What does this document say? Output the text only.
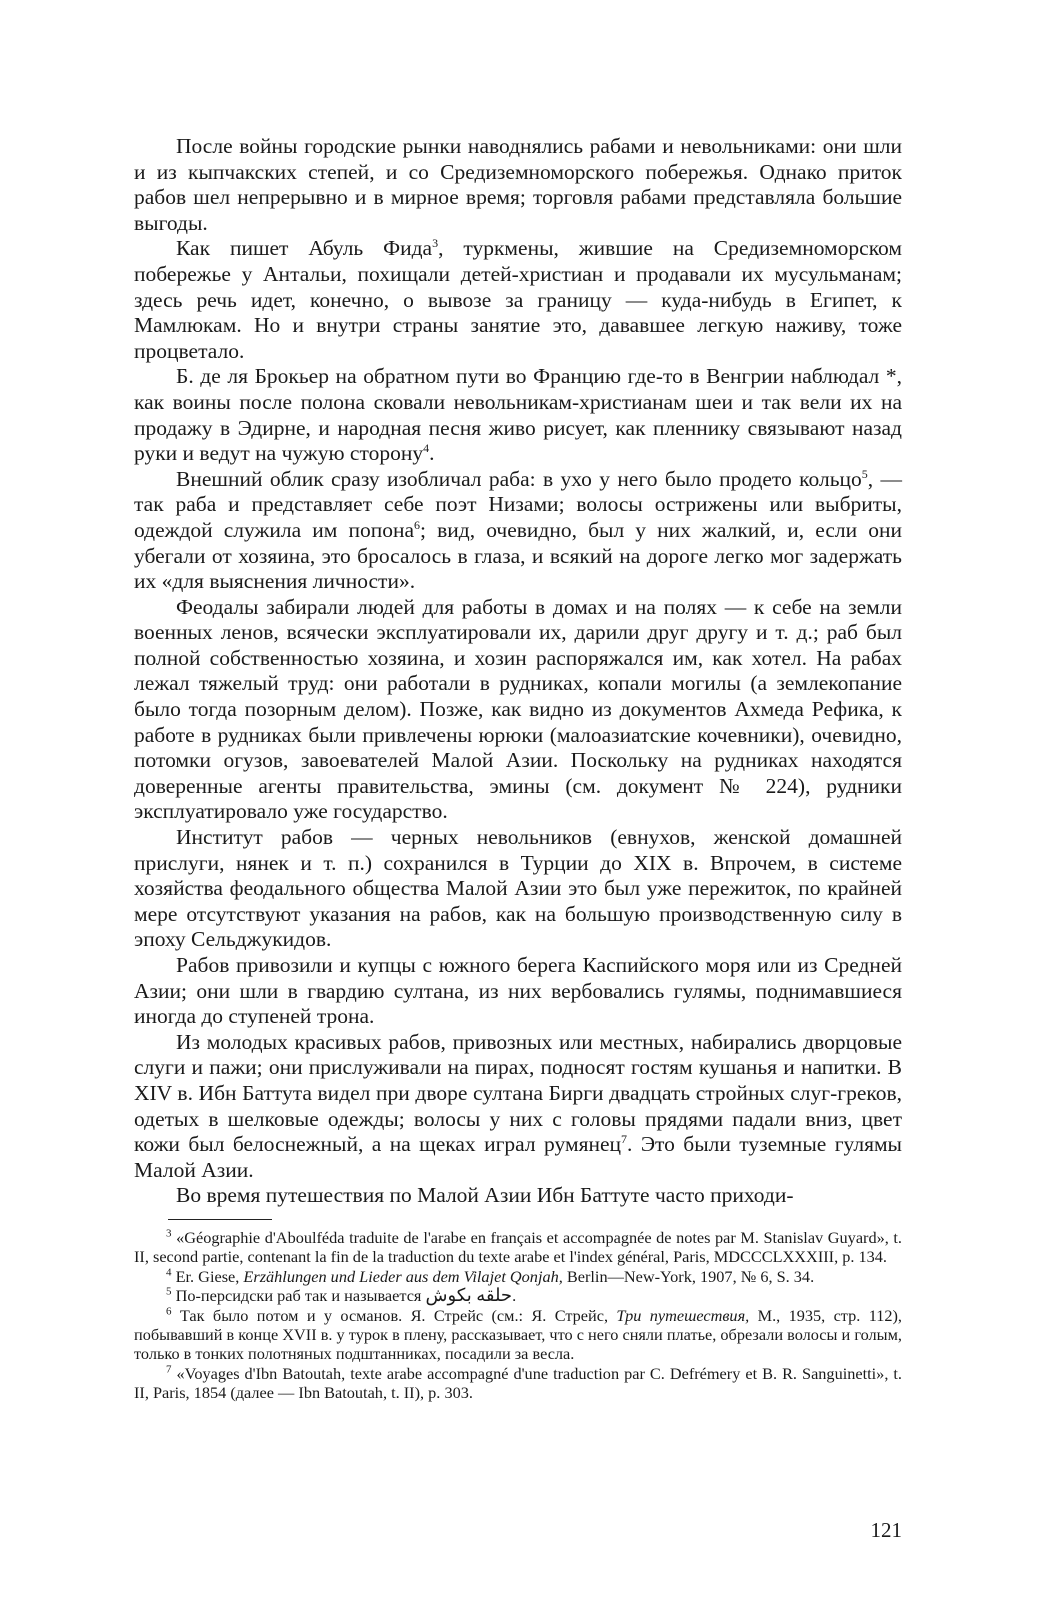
После войны городские рынки наводнялись рабами и невольниками: они шли и из кыпчакских степей, и со Средиземноморского побережья. Однако приток рабов шел непрерывно и в мирное время; торговля рабами представляла большие выгоды.

Как пишет Абуль Фида$^3$, туркмены, жившие на Средиземноморском побережье у Антальи, похищали детей-христиан и продавали их мусульманам; здесь речь идет, конечно, о вывозе за границу — куда-нибудь в Египет, к Мамлюкам. Но и внутри страны занятие это, дававшее легкую наживу, тоже процветало.

Б. де ля Брокьер на обратном пути во Францию где-то в Венгрии наблюдал *, как воины после полона сковали невольникам-христианам шеи и так вели их на продажу в Эдирне, и народная песня живо рисует, как пленнику связывают назад руки и ведут на чужую сторону$^4$.

Внешний облик сразу изобличал раба: в ухо у него было продето кольцо$^5$, — так раба и представляет себе поэт Низами; волосы острижены или выбриты, одеждой служила им попона$^6$; вид, очевидно, был у них жалкий, и, если они убегали от хозяина, это бросалось в глаза, и всякий на дороге легко мог задержать их «для выяснения личности».

Феодалы забирали людей для работы в домах и на полях — к себе на земли военных ленов, всячески эксплуатировали их, дарили друг другу и т. д.; раб был полной собственностью хозяина, и хозин распоряжался им, как хотел. На рабах лежал тяжелый труд: они работали в рудниках, копали могилы (а землекопание было тогда позорным делом). Позже, как видно из документов Ахмеда Рефика, к работе в рудниках были привлечены юрюки (малоазиатские кочевники), очевидно, потомки огузов, завоевателей Малой Азии. Поскольку на рудниках находятся доверенные агенты правительства, эмины (см. документ № 224), рудники эксплуатировало уже государство.

Институт рабов — черных невольников (евнухов, женской домашней прислуги, нянек и т. п.) сохранился в Турции до XIX в. Впрочем, в системе хозяйства феодального общества Малой Азии это был уже пережиток, по крайней мере отсутствуют указания на рабов, как на большую производственную силу в эпоху Сельджукидов.

Рабов привозили и купцы с южного берега Каспийского моря или из Средней Азии; они шли в гвардию султана, из них вербовались гулямы, поднимавшиеся иногда до ступеней трона.

Из молодых красивых рабов, привозных или местных, набирались дворцовые слуги и пажи; они прислуживали на пирах, подносят гостям кушанья и напитки. В XIV в. Ибн Баттута видел при дворе султана Бирги двадцать стройных слуг-греков, одетых в шелковые одежды; волосы у них с головы прядями падали вниз, цвет кожи был белоснежный, а на щеках играл румянец$^7$. Это были туземные гулямы Малой Азии.

Во время путешествия по Малой Азии Ибн Баттуте часто приходи-

$^3$ «Géographie d'Aboulféda traduite de l'arabe en français et accompagnée de notes par M. Stanislav Guyard», t. II, second partie, contenant la fin de la traduction du texte arabe et l'index général, Paris, MDCCCLXXXIII, p. 134.

$^4$ Er. Giese, Erzählungen und Lieder aus dem Vilajet Qonjah, Berlin—New-York, 1907, № 6, S. 34.

$^5$ По-персидски раб так и называется حلقه بكوش.

$^6$ Так было потом и у османов. Я. Стрейс (см.: Я. Стрейс, Три путешествия, М., 1935, стр. 112), побывавший в конце XVII в. у турок в плену, рассказывает, что с него сняли платье, обрезали волосы и голым, только в тонких полотняных подштанниках, посадили за весла.

$^7$ «Voyages d'Ibn Batoutah, texte arabe accompagné d'une traduction par C. Defrémery et B. R. Sanguinetti», t. II, Paris, 1854 (далее — Ibn Batoutah, t. II), p. 303.

121
